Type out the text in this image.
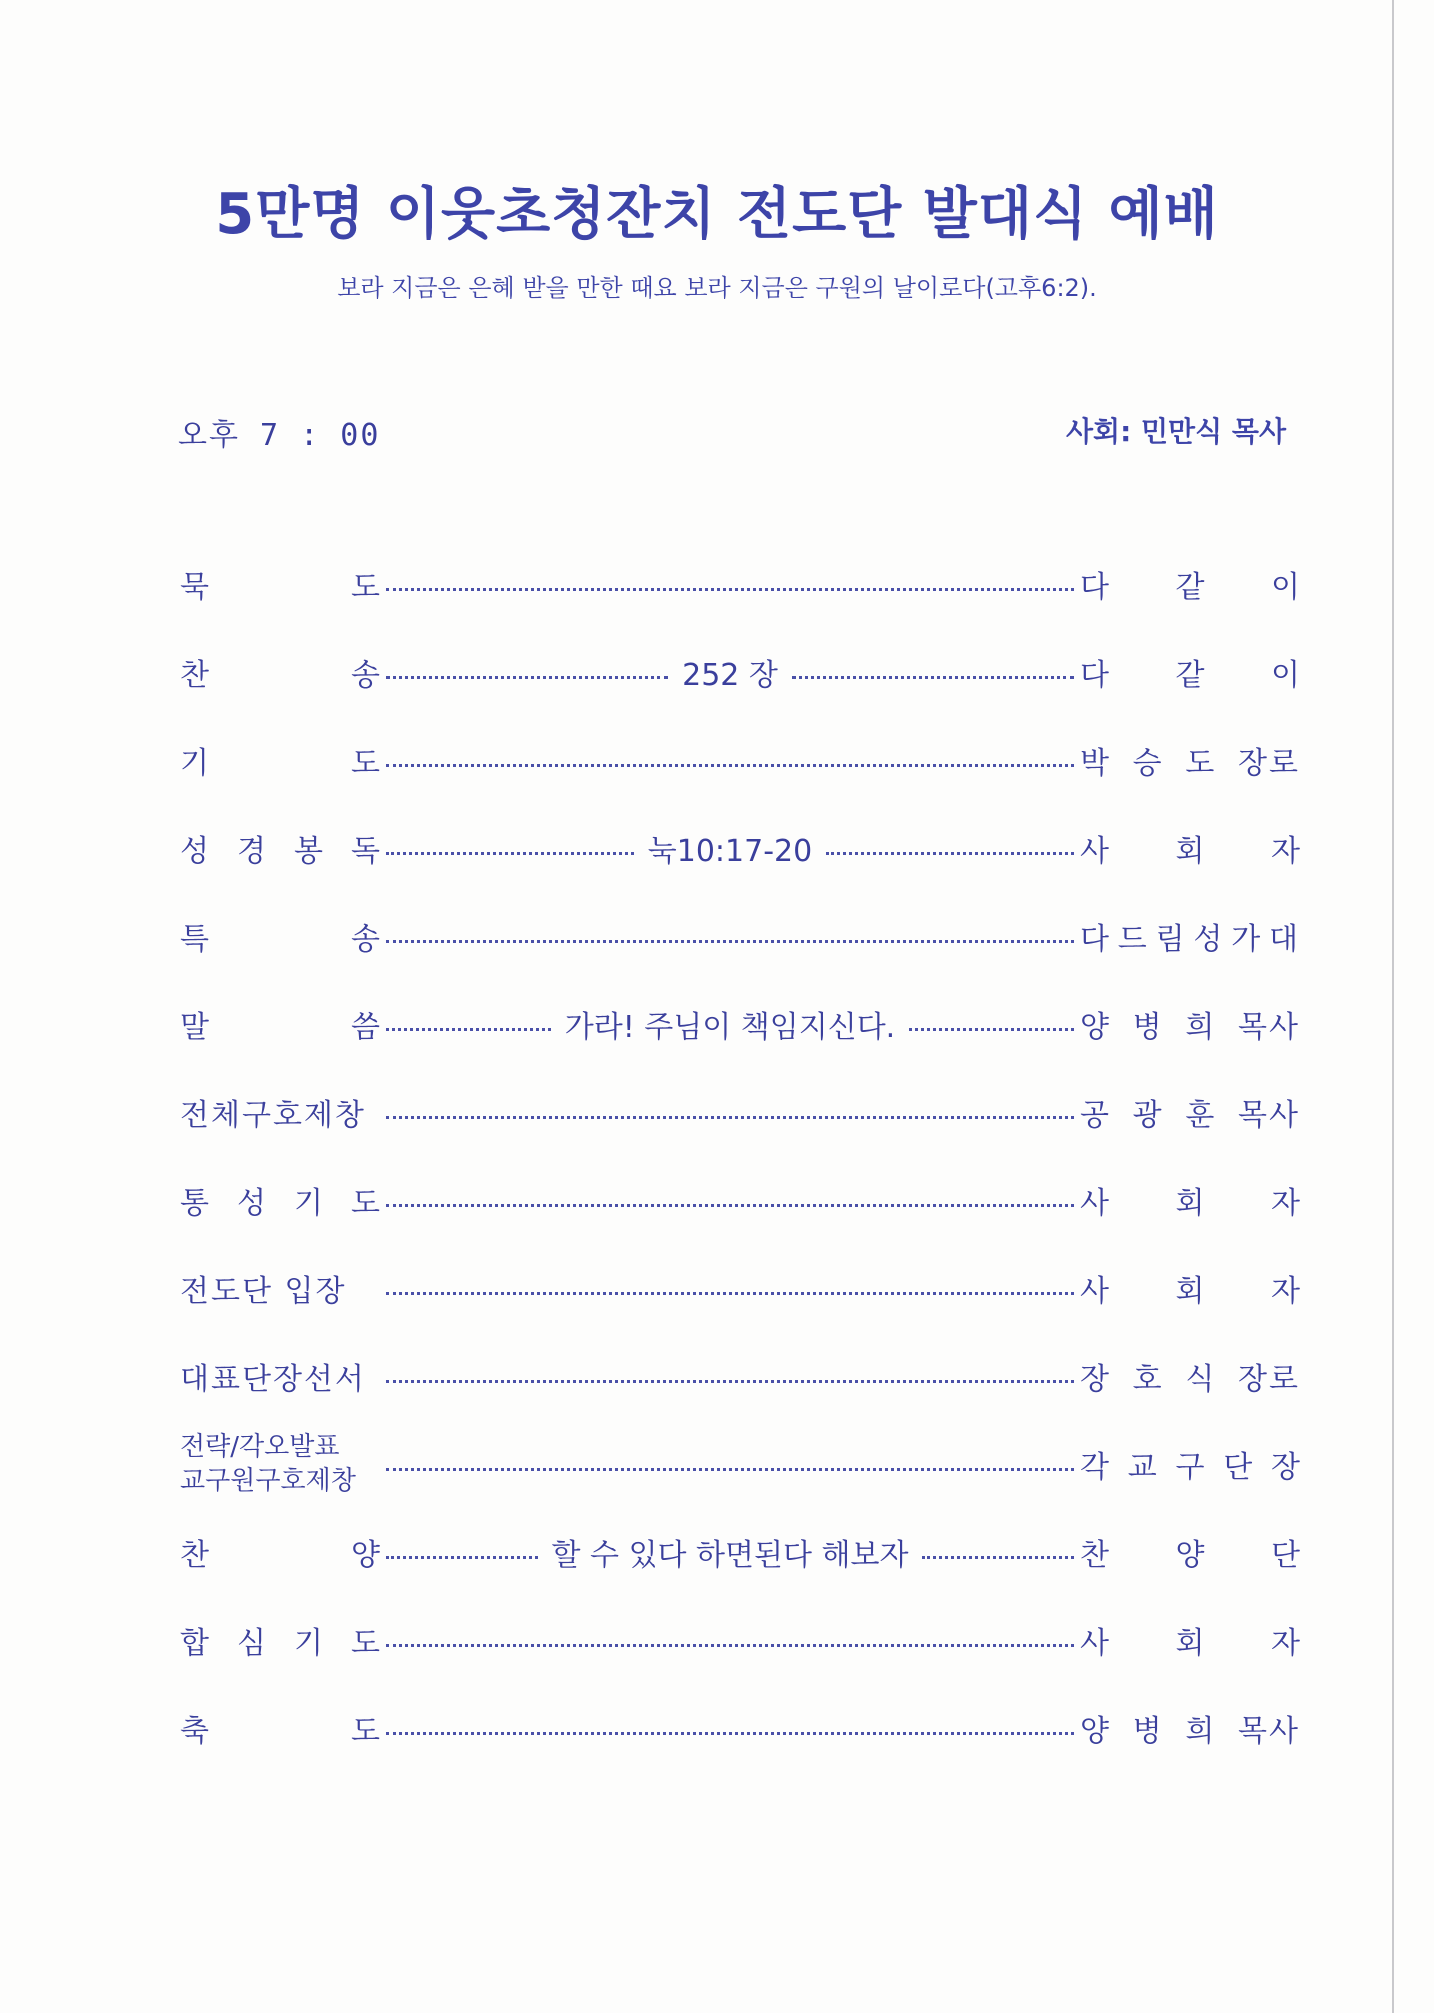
5만명 이웃초청잔치 전도단 발대식 예배
보라 지금은 은혜 받을 만한 때요 보라 지금은 구원의 날이로다(고후6:2).
오후 7 : 00	사회: 민만식 목사
묵	도	다 같 이
찬	송	252 장	다 같 이
기	도	박 승 도 장로
성 경 봉 독	눅10:17-20	사 회 자
특	송	다 드 림 성 가 대
말	씀	가라! 주님이 책임지신다.	양 병 희 목사
전체구호제창	공 광 훈 목사
통 성 기 도	사 회 자
전도단 입장	사 회 자
대표단장선서	장 호 식 장로
전략/각오발표
교구원구호제창	각 교 구 단 장
찬	양	할 수 있다 하면된다 해보자	찬 양 단
합 심 기 도	사 회 자
축	도	양 병 희 목사
